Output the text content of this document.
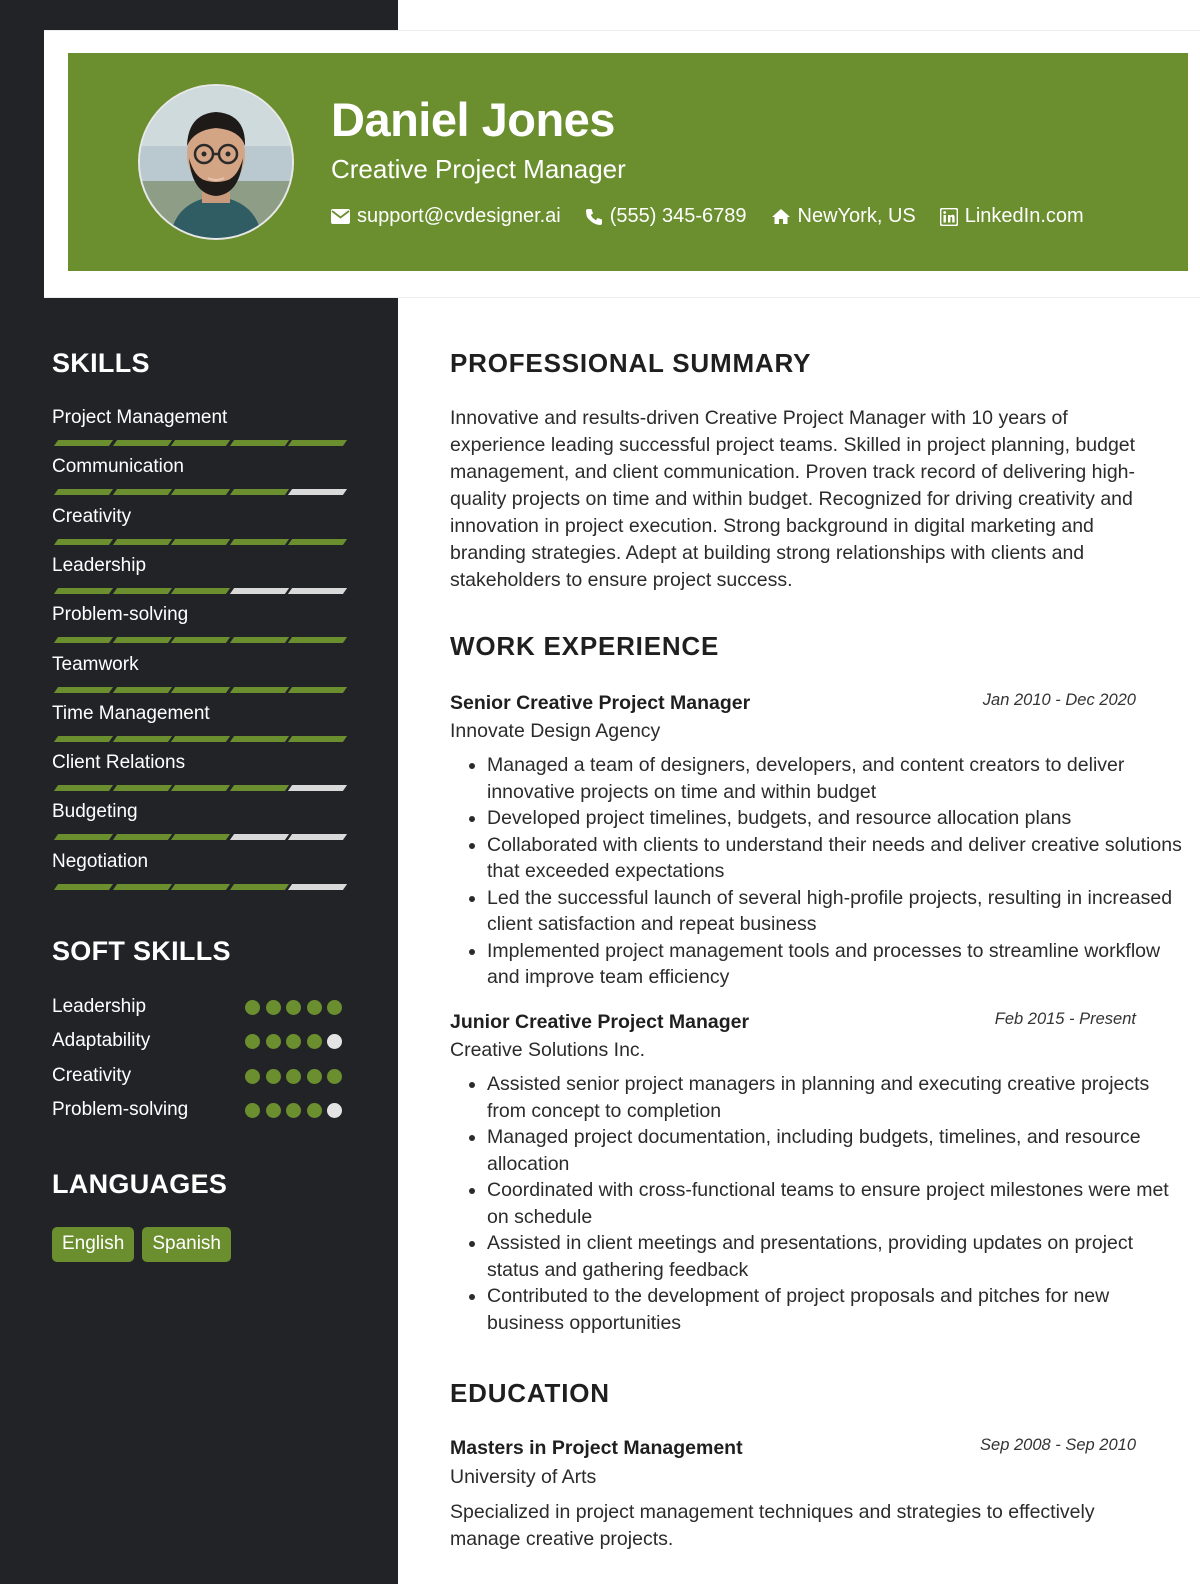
Daniel Jones
Creative Project Manager
support@cvdesigner.ai (555) 345-6789	NewYork, US LinkedIn.com
SKILLS
Project Management
Communication
Creativity
Leadership
Problem-solving
Teamwork
Time Management
Client Relations
Budgeting
Negotiation
SOFT SKILLS
Leadership
Adaptability
Creativity
Problem-solving
LANGUAGES
English	Spanish
PROFESSIONAL SUMMARY

Innovative and results-driven Creative Project Manager with 10 years of experience leading successful project teams. Skilled in project planning, budget management, and client communication. Proven track record of delivering high-quality projects on time and within budget. Recognized for driving creativity and innovation in project execution. Strong background in digital marketing and branding strategies. Adept at building strong relationships with clients and stakeholders to ensure project success.

WORK EXPERIENCE
Senior Creative Project Manager	Jan 2010 - Dec 2020
Innovate Design Agency
• Managed a team of designers, developers, and content creators to deliver innovative projects on time and within budget
• Developed project timelines, budgets, and resource allocation plans
• Collaborated with clients to understand their needs and deliver creative solutions that exceeded expectations
• Led the successful launch of several high-profile projects, resulting in increased client satisfaction and repeat business
• Implemented project management tools and processes to streamline workflow and improve team efficiency
Junior Creative Project Manager	Feb 2015 - Present
Creative Solutions Inc.
• Assisted senior project managers in planning and executing creative projects from concept to completion
• Managed project documentation, including budgets, timelines, and resource allocation
• Coordinated with cross-functional teams to ensure project milestones were met on schedule
• Assisted in client meetings and presentations, providing updates on project status and gathering feedback
• Contributed to the development of project proposals and pitches for new business opportunities
EDUCATION
Masters in Project Management	Sep 2008 - Sep 2010
University of Arts

Specialized in project management techniques and strategies to effectively manage creative projects.
